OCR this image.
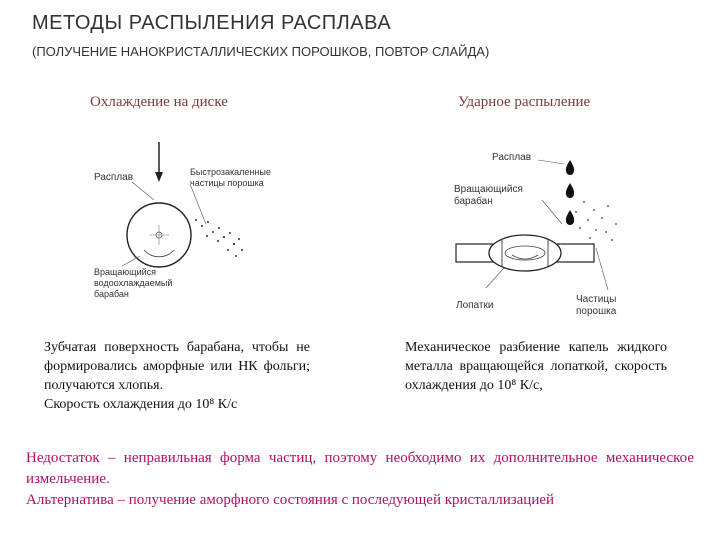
МЕТОДЫ РАСПЫЛЕНИЯ РАСПЛАВА
(ПОЛУЧЕНИЕ НАНОКРИСТАЛЛИЧЕСКИХ ПОРОШКОВ, ПОВТОР СЛАЙДА)
Охлаждение на диске	Ударное распыление
Расплав	Быстрозакаленные
частицы порошка
Вращающийся
водоохлаждаемый
барабан
Расплав
Вращающийся
барабан
Лопатки
Частицы
порошка

Зубчатая поверхность барабана, чтобы не формировались аморфные или НК фольги; получаются хлопья.

Скорость охлаждения до 10⁸ К/с

Механическое разбиение капель жидкого металла вращающейся лопаткой, скорость охлаждения до 10⁸ К/с,

Недостаток – неправильная форма частиц, поэтому необходимо их дополнительное механическое измельчение.

Альтернатива – получение аморфного состояния с последующей кристаллизацией
